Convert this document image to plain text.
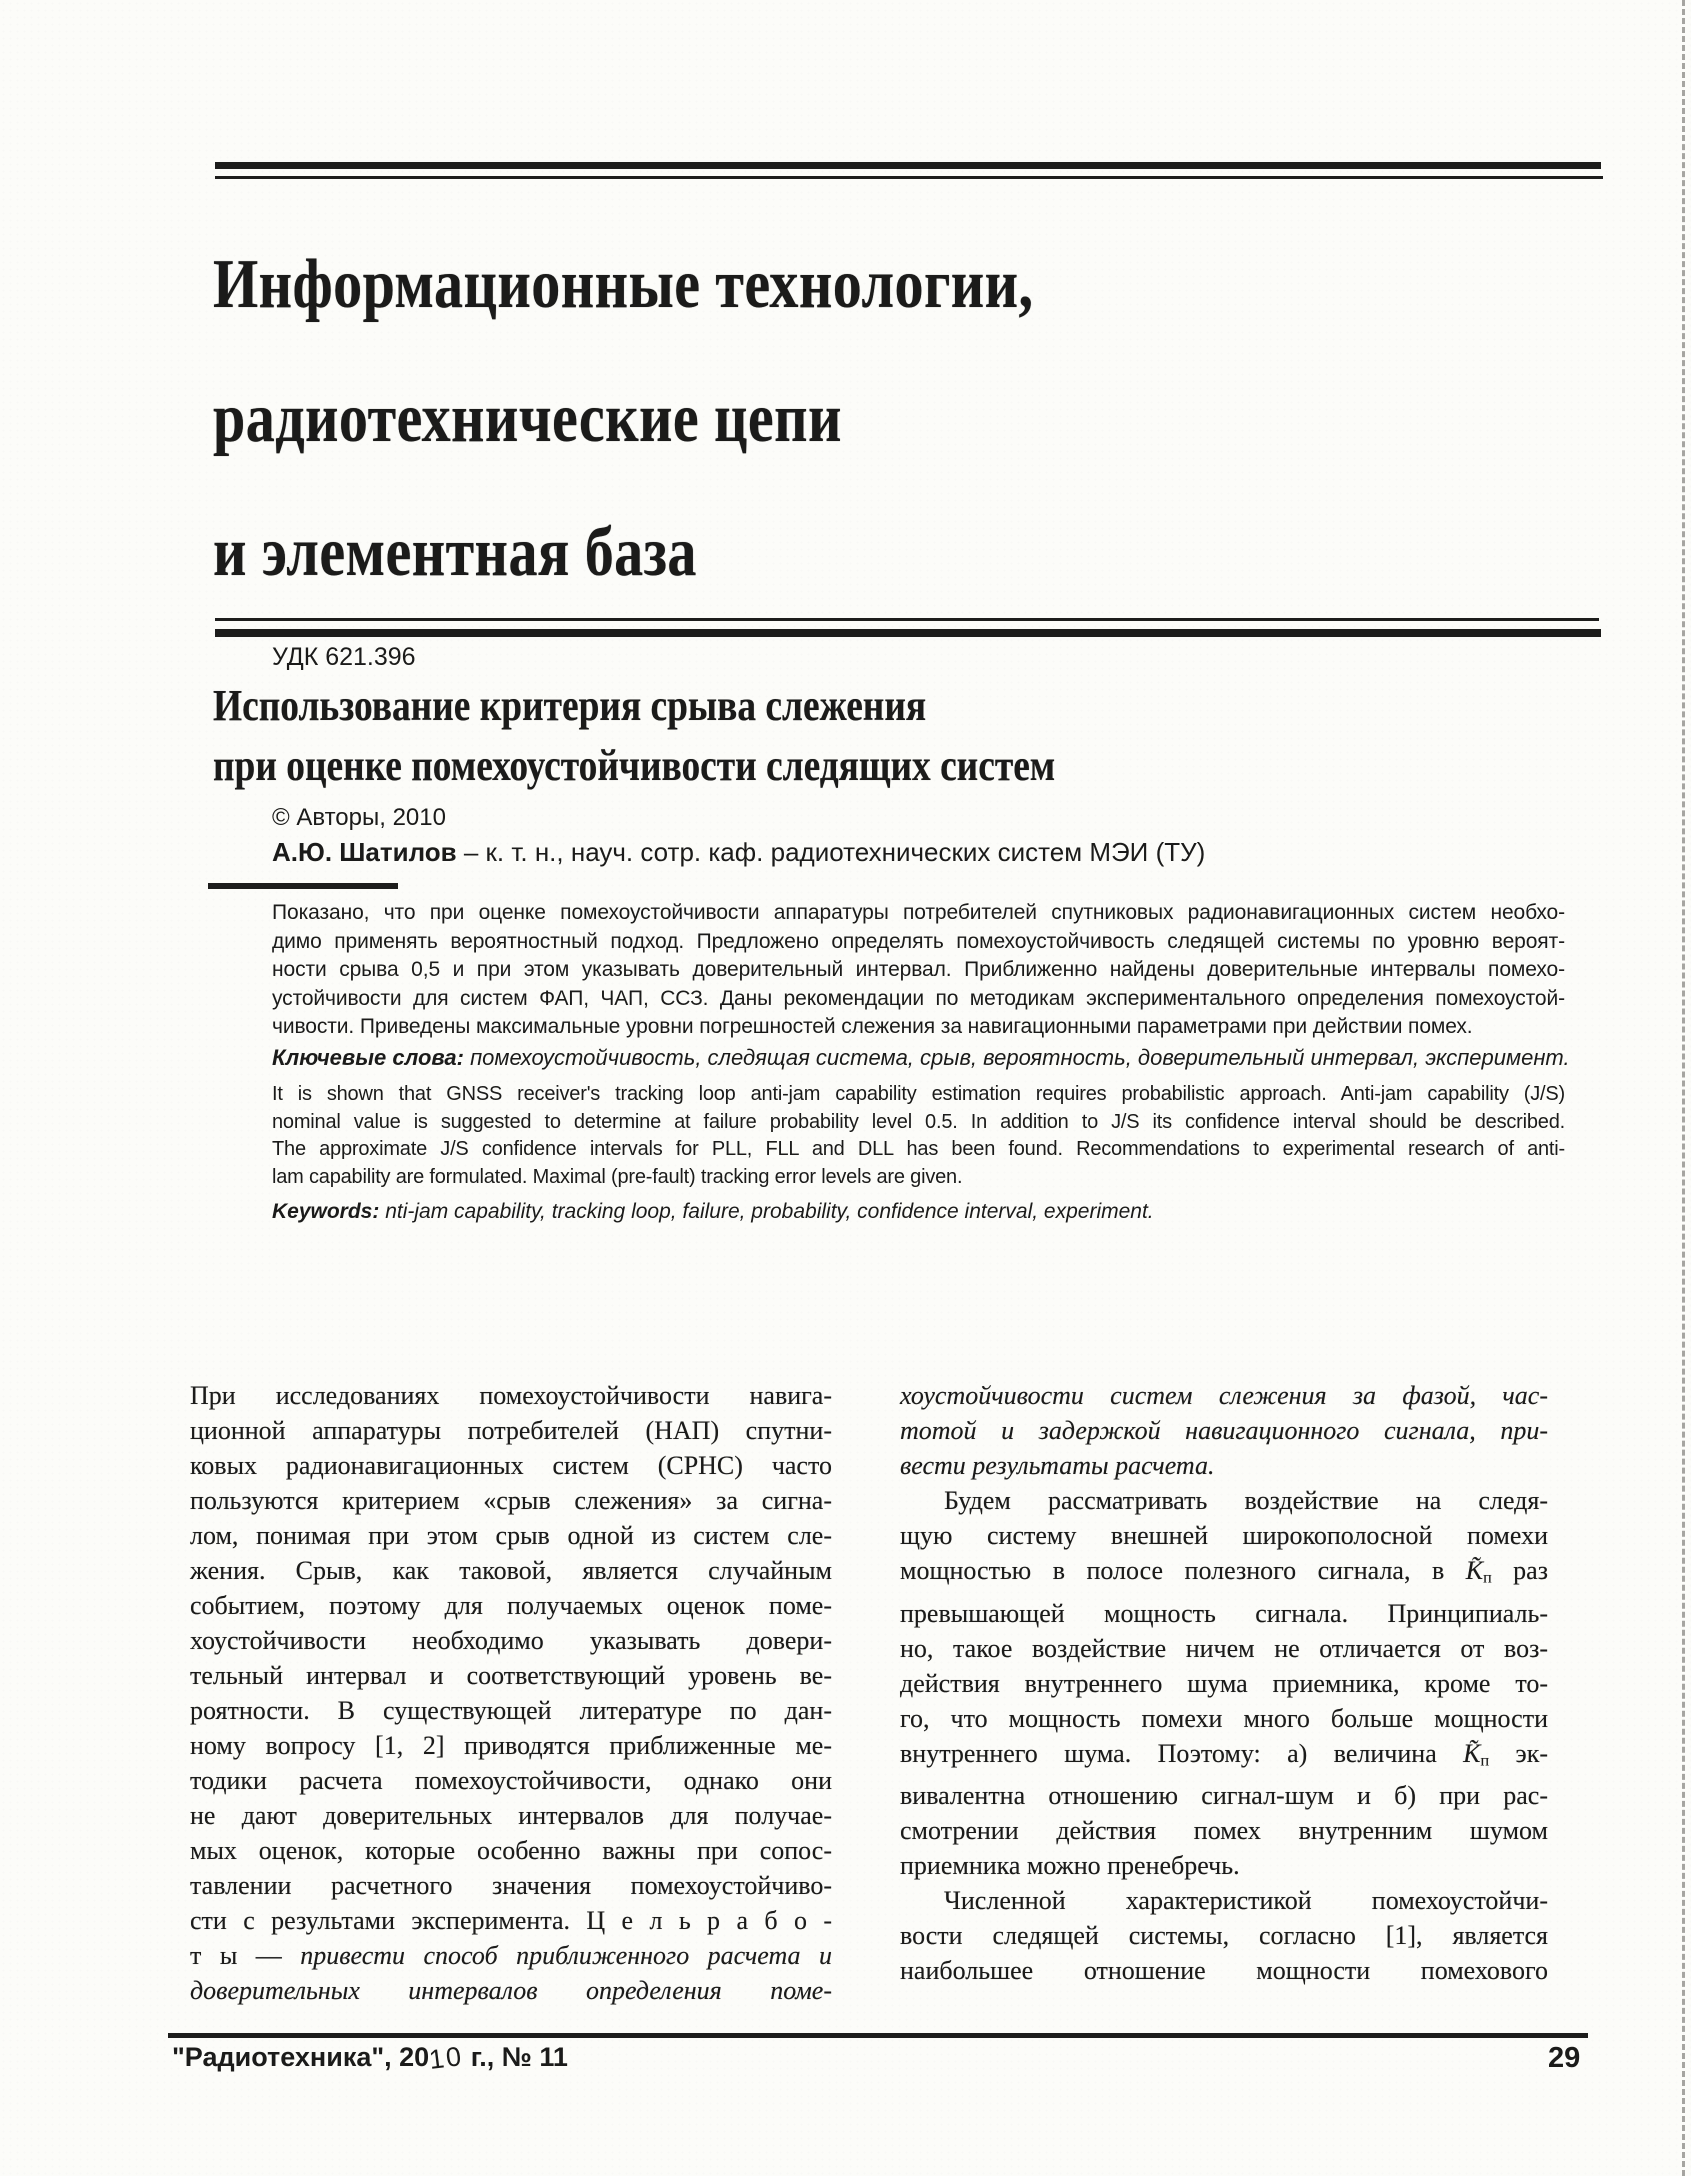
Информационные технологии,
радиотехнические цепи
и элементная база
УДК 621.396
Использование критерия срыва слежения
при оценке помехоустойчивости следящих систем
© Авторы, 2010
А.Ю. Шатилов – к. т. н., науч. сотр. каф. радиотехнических систем МЭИ (ТУ)
Показано, что при оценке помехоустойчивости аппаратуры потребителей спутниковых радионавигационных систем необхо-
димо применять вероятностный подход. Предложено определять помехоустойчивость следящей системы по уровню вероят-
ности срыва 0,5 и при этом указывать доверительный интервал. Приближенно найдены доверительные интервалы помехо-
устойчивости для систем ФАП, ЧАП, ССЗ. Даны рекомендации по методикам экспериментального определения помехоустой-
чивости. Приведены максимальные уровни погрешностей слежения за навигационными параметрами при действии помех.
Ключевые слова: помехоустойчивость, следящая система, срыв, вероятность, доверительный интервал, эксперимент.
It is shown that GNSS receiver's tracking loop anti-jam capability estimation requires probabilistic approach. Anti-jam capability (J/S)
nominal value is suggested to determine at failure probability level 0.5. In addition to J/S its confidence interval should be described.
The approximate J/S confidence intervals for PLL, FLL and DLL has been found. Recommendations to experimental research of anti-
lam capability are formulated. Maximal (pre-fault) tracking error levels are given.
Keywords: nti-jam capability, tracking loop, failure, probability, confidence interval, experiment.
При исследованиях помехоустойчивости навига-
ционной аппаратуры потребителей (НАП) спутни-
ковых радионавигационных систем (СРНС) часто
пользуются критерием «срыв слежения» за сигна-
лом, понимая при этом срыв одной из систем сле-
жения. Срыв, как таковой, является случайным
событием, поэтому для получаемых оценок поме-
хоустойчивости необходимо указывать довери-
тельный интервал и соответствующий уровень ве-
роятности. В существующей литературе по дан-
ному вопросу [1, 2] приводятся приближенные ме-
тодики расчета помехоустойчивости, однако они
не дают доверительных интервалов для получае-
мых оценок, которые особенно важны при сопос-
тавлении расчетного значения помехоустойчиво-
сти с результами эксперимента. Ц е л ь р а б о -
т ы — привести способ приближенного расчета и
доверительных интервалов определения поме-
хоустойчивости систем слежения за фазой, час-
тотой и задержкой навигационного сигнала, при-
вести результаты расчета.
Будем рассматривать воздействие на следя-
щую систему внешней широкополосной помехи
мощностью в полосе полезного сигнала, в K̃п раз
превышающей мощность сигнала. Принципиаль-
но, такое воздействие ничем не отличается от воз-
действия внутреннего шума приемника, кроме то-
го, что мощность помехи много больше мощности
внутреннего шума. Поэтому: а) величина K̃п эк-
вивалентна отношению сигнал-шум и б) при рас-
смотрении действия помех внутренним шумом
приемника можно пренебречь.
Численной характеристикой помехоустойчи-
вости следящей системы, согласно [1], является
наибольшее отношение мощности помехового
"Радиотехника", 2010 г., № 11	29
